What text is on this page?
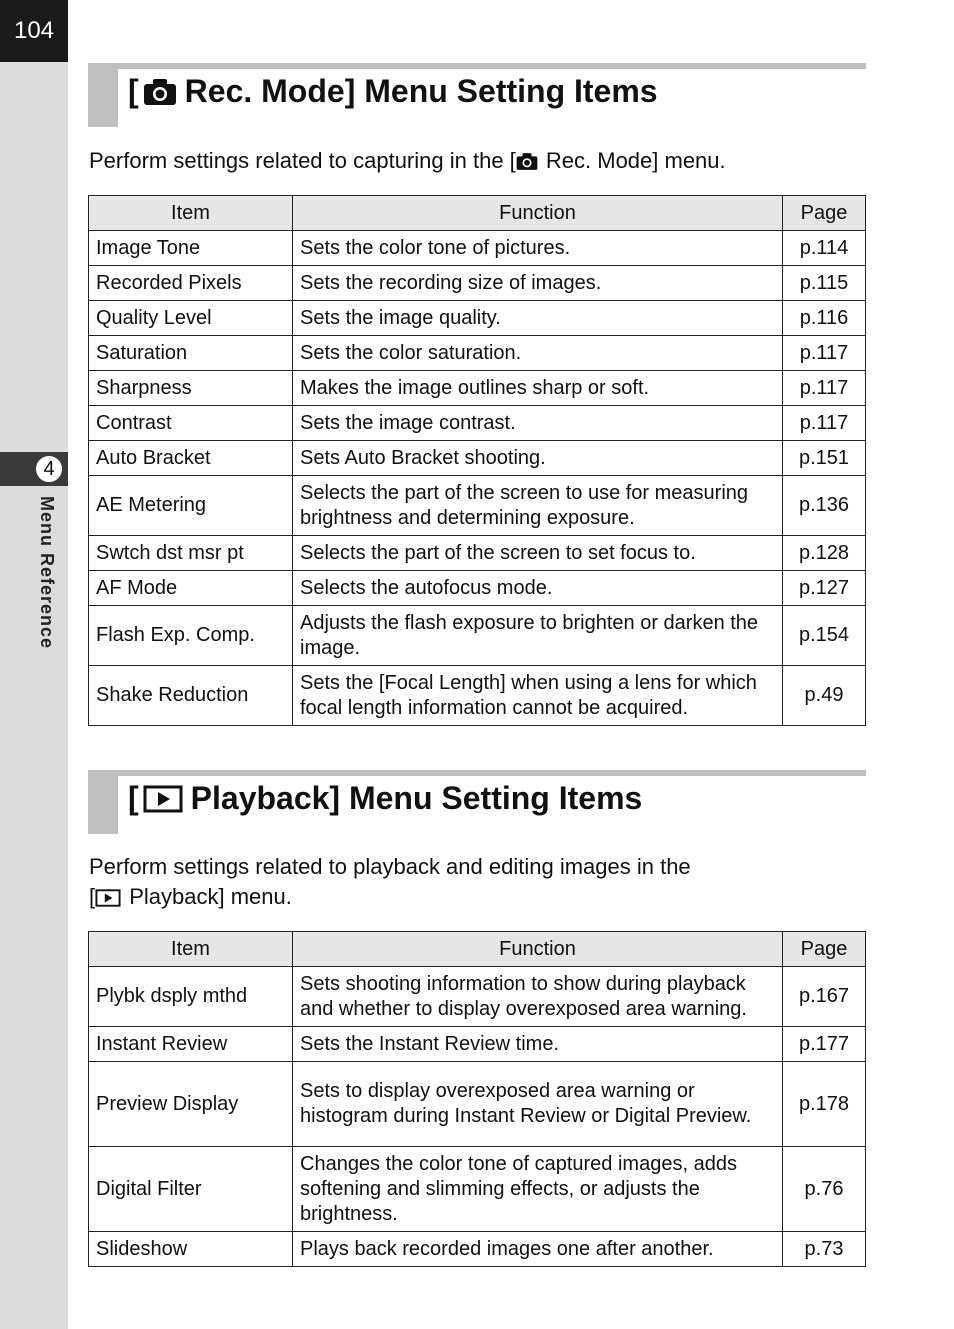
104
4
Menu Reference
[ Rec. Mode] Menu Setting Items
Perform settings related to capturing in the [ Rec. Mode] menu.
Item	Function	Page
Image Tone	Sets the color tone of pictures.	p.114
Recorded Pixels	Sets the recording size of images.	p.115
Quality Level	Sets the image quality.	p.116
Saturation	Sets the color saturation.	p.117
Sharpness	Makes the image outlines sharp or soft.	p.117
Contrast	Sets the image contrast.	p.117
Auto Bracket	Sets Auto Bracket shooting.	p.151
AE Metering	Selects the part of the screen to use for measuring brightness and determining exposure.	p.136
Swtch dst msr pt	Selects the part of the screen to set focus to.	p.128
AF Mode	Selects the autofocus mode.	p.127
Flash Exp. Comp.	Adjusts the flash exposure to brighten or darken the image.	p.154
Shake Reduction	Sets the [Focal Length] when using a lens for which focal length information cannot be acquired.	p.49
[ Playback] Menu Setting Items
Perform settings related to playback and editing images in the
[ Playback] menu.
Item	Function	Page
Plybk dsply mthd	Sets shooting information to show during playback and whether to display overexposed area warning.	p.167
Instant Review	Sets the Instant Review time.	p.177
Preview Display	Sets to display overexposed area warning or histogram during Instant Review or Digital Preview.	p.178
Digital Filter	Changes the color tone of captured images, adds softening and slimming effects, or adjusts the brightness.	p.76
Slideshow	Plays back recorded images one after another.	p.73
